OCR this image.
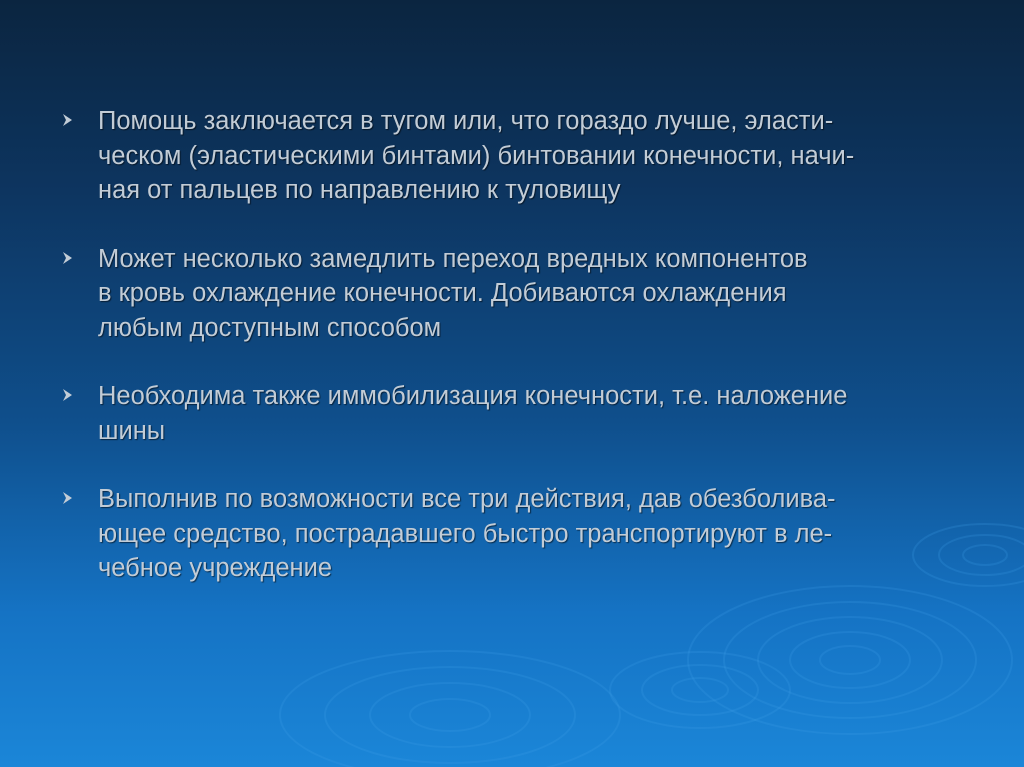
Помощь заключается в тугом или, что гораздо лучше, эласти-
ческом (эластическими бинтами) бинтовании конечности, начи-
ная от пальцев по направлению к туловищу
Может несколько замедлить переход вредных компонентов
в кровь охлаждение конечности. Добиваются охлаждения
любым доступным способом
Необходима также иммобилизация конечности, т.е. наложение
шины
Выполнив по возможности все три действия, дав обезболива-
ющее средство, пострадавшего быстро транспортируют в ле-
чебное учреждение
